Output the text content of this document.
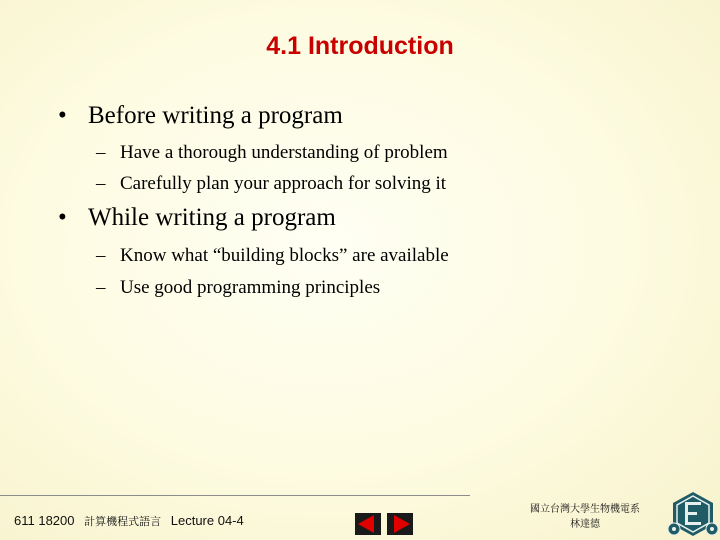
4.1 Introduction
• Before writing a program
– Have a thorough understanding of problem
– Carefully plan your approach for solving it
• While writing a program
– Know what “building blocks” are available
– Use good programming principles
611 18200 計算機程式語言 Lecture 04-4
國立台灣大學生物機電系
林達德
